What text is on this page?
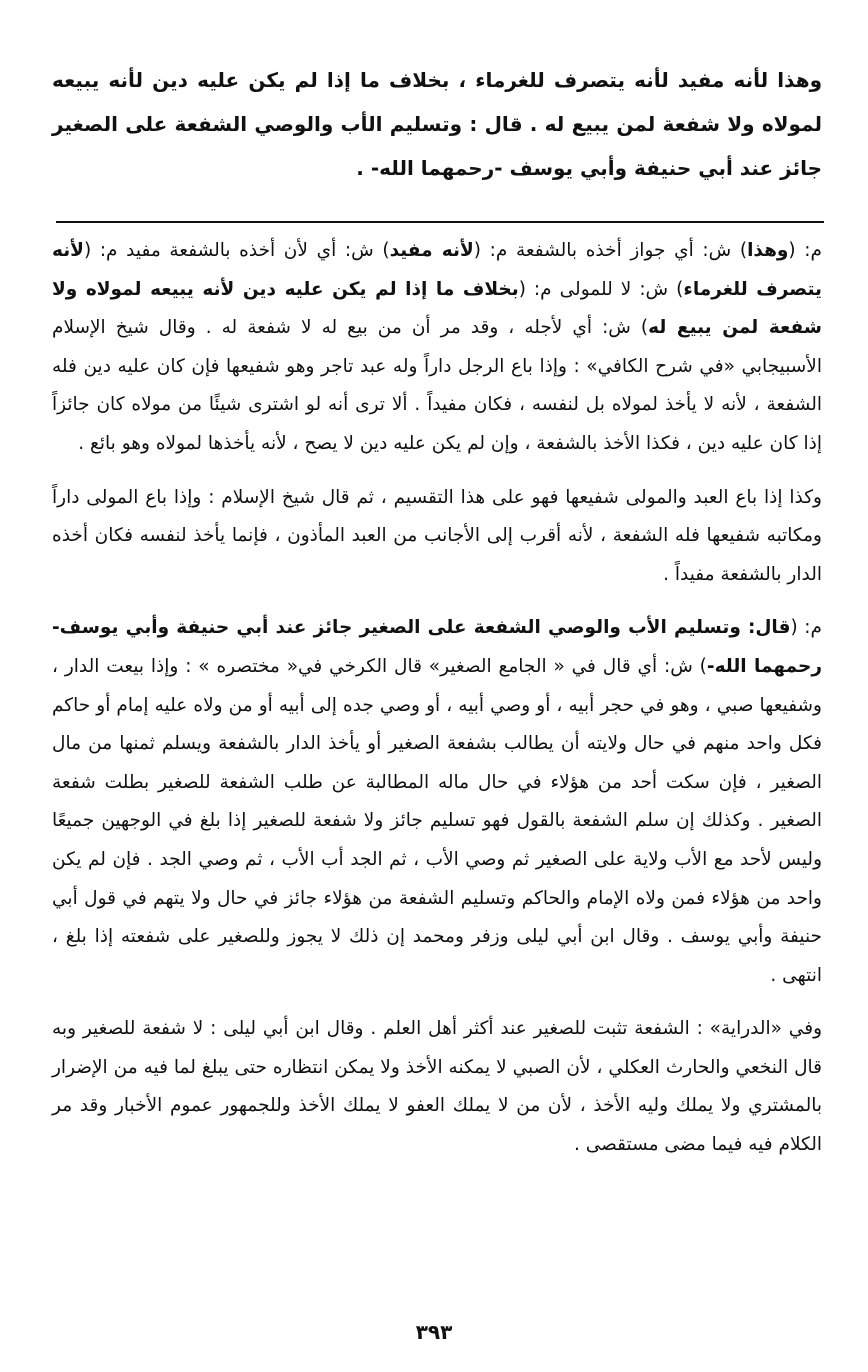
وهذا لأنه مفيد لأنه يتصرف للغرماء ، بخلاف ما إذا لم يكن عليه دين لأنه يبيعه لمولاه ولا شفعة لمن يبيع له . قال : وتسليم الأب والوصي الشفعة على الصغير جائز عند أبي حنيفة وأبي يوسف -رحمهما الله- .

م: (وهذا) ش: أي جواز أخذه بالشفعة م: (لأنه مفيد) ش: أي لأن أخذه بالشفعة مفيد م: (لأنه يتصرف للغرماء) ش: لا للمولى م: (بخلاف ما إذا لم يكن عليه دين لأنه يبيعه لمولاه ولا شفعة لمن يبيع له) ش: أي لأجله ، وقد مر أن من بيع له لا شفعة له . وقال شيخ الإسلام الأسبيجابي «في شرح الكافي» : وإذا باع الرجل داراً وله عبد تاجر وهو شفيعها فإن كان عليه دين فله الشفعة ، لأنه لا يأخذ لمولاه بل لنفسه ، فكان مفيداً . ألا ترى أنه لو اشترى شيئًا من مولاه كان جائزاً إذا كان عليه دين ، فكذا الأخذ بالشفعة ، وإن لم يكن عليه دين لا يصح ، لأنه يأخذها لمولاه وهو بائع .

وكذا إذا باع العبد والمولى شفيعها فهو على هذا التقسيم ، ثم قال شيخ الإسلام : وإذا باع المولى داراً ومكاتبه شفيعها فله الشفعة ، لأنه أقرب إلى الأجانب من العبد المأذون ، فإنما يأخذ لنفسه فكان أخذه الدار بالشفعة مفيداً .

م: (قال: وتسليم الأب والوصي الشفعة على الصغير جائز عند أبي حنيفة وأبي يوسف- رحمهما الله-) ش: أي قال في « الجامع الصغير» قال الكرخي في« مختصره » : وإذا بيعت الدار ، وشفيعها صبي ، وهو في حجر أبيه ، أو وصي أبيه ، أو وصي جده إلى أبيه أو من ولاه عليه إمام أو حاكم فكل واحد منهم في حال ولايته أن يطالب بشفعة الصغير أو يأخذ الدار بالشفعة ويسلم ثمنها من مال الصغير ، فإن سكت أحد من هؤلاء في حال ماله المطالبة عن طلب الشفعة للصغير بطلت شفعة الصغير . وكذلك إن سلم الشفعة بالقول فهو تسليم جائز ولا شفعة للصغير إذا بلغ في الوجهين جميعًا وليس لأحد مع الأب ولاية على الصغير ثم وصي الأب ، ثم الجد أب الأب ، ثم وصي الجد . فإن لم يكن واحد من هؤلاء فمن ولاه الإمام والحاكم وتسليم الشفعة من هؤلاء جائز في حال ولا يتهم في قول أبي حنيفة وأبي يوسف . وقال ابن أبي ليلى وزفر ومحمد إن ذلك لا يجوز وللصغير على شفعته إذا بلغ ، انتهى .

وفي «الدراية» : الشفعة تثبت للصغير عند أكثر أهل العلم . وقال ابن أبي ليلى : لا شفعة للصغير وبه قال النخعي والحارث العكلي ، لأن الصبي لا يمكنه الأخذ ولا يمكن انتظاره حتى يبلغ لما فيه من الإضرار بالمشتري ولا يملك وليه الأخذ ، لأن من لا يملك العفو لا يملك الأخذ وللجمهور عموم الأخبار وقد مر الكلام فيه فيما مضى مستقصى .

٣٩٣
